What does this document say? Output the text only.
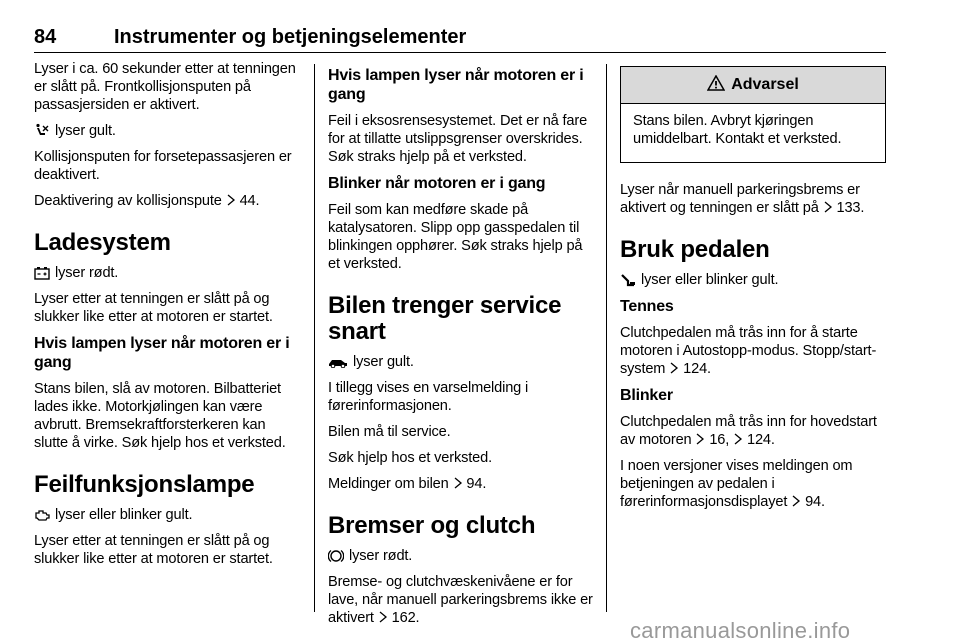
84	Instrumenter og betjeningselementer

Lyser i ca. 60 sekunder etter at tenningen er slått på. Frontkollisjonsputen på passasjersiden er aktivert.

lyser gult.

Kollisjonsputen for forsetepassasjeren er deaktivert.

Deaktivering av kollisjonspute 44.

Ladesystem

lyser rødt.

Lyser etter at tenningen er slått på og slukker like etter at motoren er startet.

Hvis lampen lyser når motoren er i gang

Stans bilen, slå av motoren. Bilbatteriet lades ikke. Motorkjølingen kan være avbrutt. Bremsekraftforsterkeren kan slutte å virke. Søk hjelp hos et verksted.

Feilfunksjonslampe

lyser eller blinker gult.

Lyser etter at tenningen er slått på og slukker like etter at motoren er startet.

Hvis lampen lyser når motoren er i gang

Feil i eksosrensesystemet. Det er nå fare for at tillatte utslippsgrenser overskrides. Søk straks hjelp på et verksted.

Blinker når motoren er i gang

Feil som kan medføre skade på katalysatoren. Slipp opp gasspedalen til blinkingen opphører. Søk straks hjelp på et verksted.

Bilen trenger service snart

lyser gult.

I tillegg vises en varselmelding i førerinformasjonen.

Bilen må til service.

Søk hjelp hos et verksted.

Meldinger om bilen 94.

Bremser og clutch

lyser rødt.

Bremse- og clutchvæskenivåene er for lave, når manuell parkeringsbrems ikke er aktivert 162.

Advarsel

Stans bilen. Avbryt kjøringen umiddelbart. Kontakt et verksted.

Lyser når manuell parkeringsbrems er aktivert og tenningen er slått på 133.

Bruk pedalen

lyser eller blinker gult.

Tennes

Clutchpedalen må trås inn for å starte motoren i Autostopp-modus. Stopp/start-system 124.

Blinker

Clutchpedalen må trås inn for hovedstart av motoren 16, 124.

I noen versjoner vises meldingen om betjeningen av pedalen i førerinformasjonsdisplayet 94.

carmanualsonline.info
